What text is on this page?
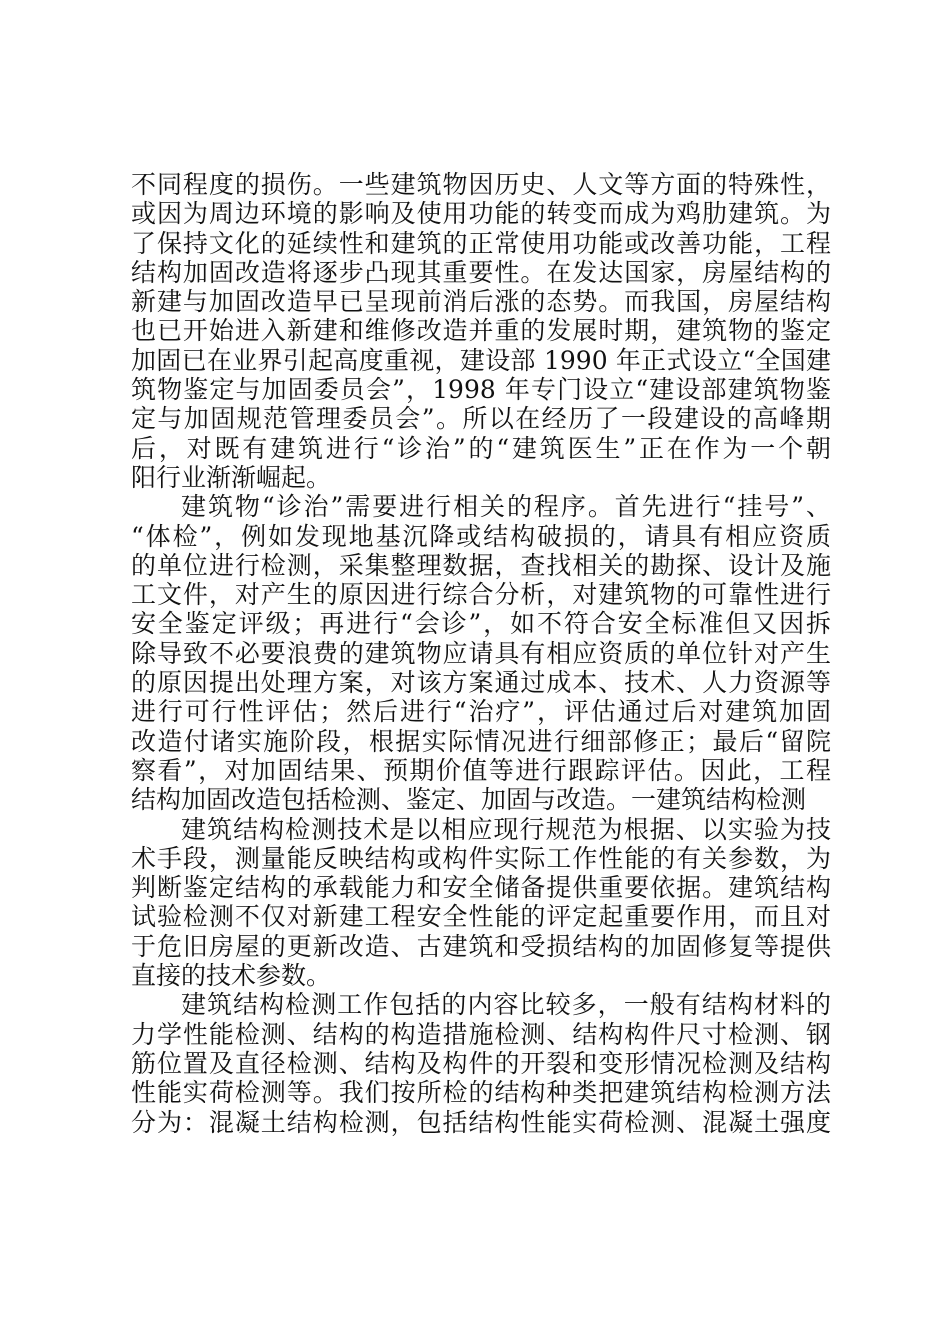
不同程度的损伤。一些建筑物因历史、人文等方面的特殊性，
或因为周边环境的影响及使用功能的转变而成为鸡肋建筑。为
了保持文化的延续性和建筑的正常使用功能或改善功能，工程
结构加固改造将逐步凸现其重要性。在发达国家，房屋结构的
新建与加固改造早已呈现前消后涨的态势。而我国，房屋结构
也已开始进入新建和维修改造并重的发展时期，建筑物的鉴定
加固已在业界引起高度重视，建设部 1990 年正式设立“全国建
筑物鉴定与加固委员会”，1998 年专门设立“建设部建筑物鉴
定与加固规范管理委员会”。所以在经历了一段建设的高峰期
后，对既有建筑进行“诊治”的“建筑医生”正在作为一个朝
阳行业渐渐崛起。
建筑物“诊治”需要进行相关的程序。首先进行“挂号”、
“体检”，例如发现地基沉降或结构破损的，请具有相应资质
的单位进行检测，采集整理数据，查找相关的勘探、设计及施
工文件，对产生的原因进行综合分析，对建筑物的可靠性进行
安全鉴定评级；再进行“会诊”，如不符合安全标准但又因拆
除导致不必要浪费的建筑物应请具有相应资质的单位针对产生
的原因提出处理方案，对该方案通过成本、技术、人力资源等
进行可行性评估；然后进行“治疗”，评估通过后对建筑加固
改造付诸实施阶段，根据实际情况进行细部修正；最后“留院
察看”，对加固结果、预期价值等进行跟踪评估。因此，工程
结构加固改造包括检测、鉴定、加固与改造。一建筑结构检测
建筑结构检测技术是以相应现行规范为根据、以实验为技
术手段，测量能反映结构或构件实际工作性能的有关参数，为
判断鉴定结构的承载能力和安全储备提供重要依据。建筑结构
试验检测不仅对新建工程安全性能的评定起重要作用，而且对
于危旧房屋的更新改造、古建筑和受损结构的加固修复等提供
直接的技术参数。
建筑结构检测工作包括的内容比较多，一般有结构材料的
力学性能检测、结构的构造措施检测、结构构件尺寸检测、钢
筋位置及直径检测、结构及构件的开裂和变形情况检测及结构
性能实荷检测等。我们按所检的结构种类把建筑结构检测方法
分为：混凝土结构检测，包括结构性能实荷检测、混凝土强度
